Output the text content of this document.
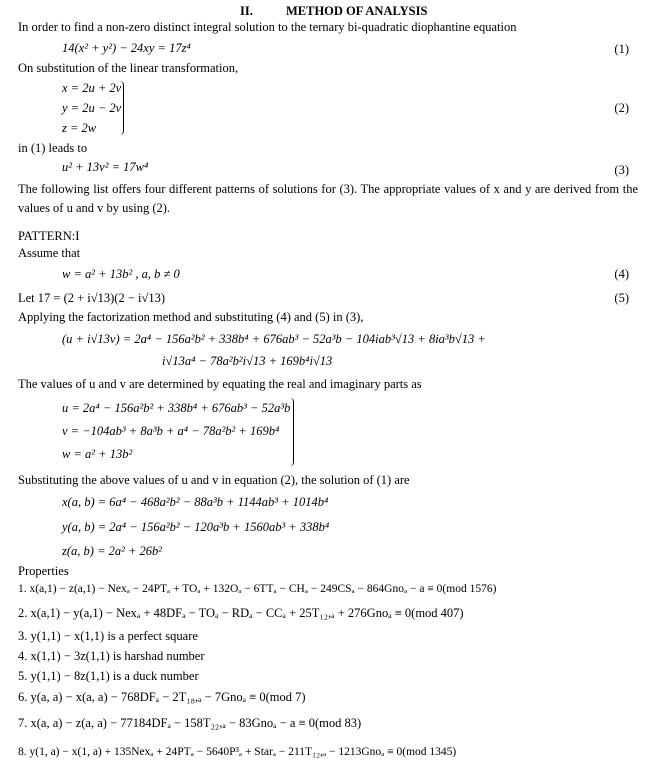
II.	METHOD OF ANALYSIS
In order to find a non-zero distinct integral solution to the ternary bi-quadratic diophantine equation
14(x² + y²) − 24xy = 17z⁴	(1)
On substitution of the linear transformation,
x = 2u + 2v
y = 2u − 2v
z = 2w
(2)
in (1) leads to
u² + 13v² = 17w⁴	(3)
The following list offers four different patterns of solutions for (3). The appropriate values of x and y are derived from the values of u and v by using (2).
PATTERN:I
Assume that
w = a² + 13b² , a, b ≠ 0	(4)
Let 17 = (2 + i√13)(2 − i√13)	(5)
Applying the factorization method and substituting (4) and (5) in (3),
(u + i√13v) = 2a⁴ − 156a²b² + 338b⁴ + 676ab³ − 52a³b − 104iab³√13 + 8ia³b√13 +
i√13a⁴ − 78a²b²i√13 + 169b⁴i√13
The values of u and v are determined by equating the real and imaginary parts as
u = 2a⁴ − 156a²b² + 338b⁴ + 676ab³ − 52a³b
v = −104ab³ + 8a³b + a⁴ − 78a²b² + 169b⁴
w = a² + 13b²
Substituting the above values of u and v in equation (2), the solution of (1) are
x(a, b) = 6a⁴ − 468a²b² − 88a³b + 1144ab³ + 1014b⁴
y(a, b) = 2a⁴ − 156a²b² − 120a³b + 1560ab³ + 338b⁴
z(a, b) = 2a² + 26b²
Properties
1. x(a,1) − z(a,1) − Nexₐ − 24PTₐ + TOₐ + 132Oₐ − 6TTₐ − CHₐ − 249CSₐ − 864Gnoₐ − a ≡ 0(mod 1576)
2. x(a,1) − y(a,1) − Nexₐ + 48DFₐ − TOₐ − RDₐ − CCₐ + 25T₁₂,ₐ + 276Gnoₐ ≡ 0(mod 407)
3. y(1,1) − x(1,1) is a perfect square
4. x(1,1) − 3z(1,1) is harshad number
5. y(1,1) − 8z(1,1) is a duck number
6. y(a, a) − x(a, a) − 768DFₐ − 2T₁₈,ₐ − 7Gnoₐ ≡ 0(mod 7)
7. x(a, a) − z(a, a) − 77184DFₐ − 158T₂₂,ₐ − 83Gnoₐ − a ≡ 0(mod 83)
8. y(1, a) − x(1, a) + 135Nexₐ + 24PTₐ − 5640P³ₐ + Starₐ − 211T₁₂,ₐ − 1213Gnoₐ ≡ 0(mod 1345)
